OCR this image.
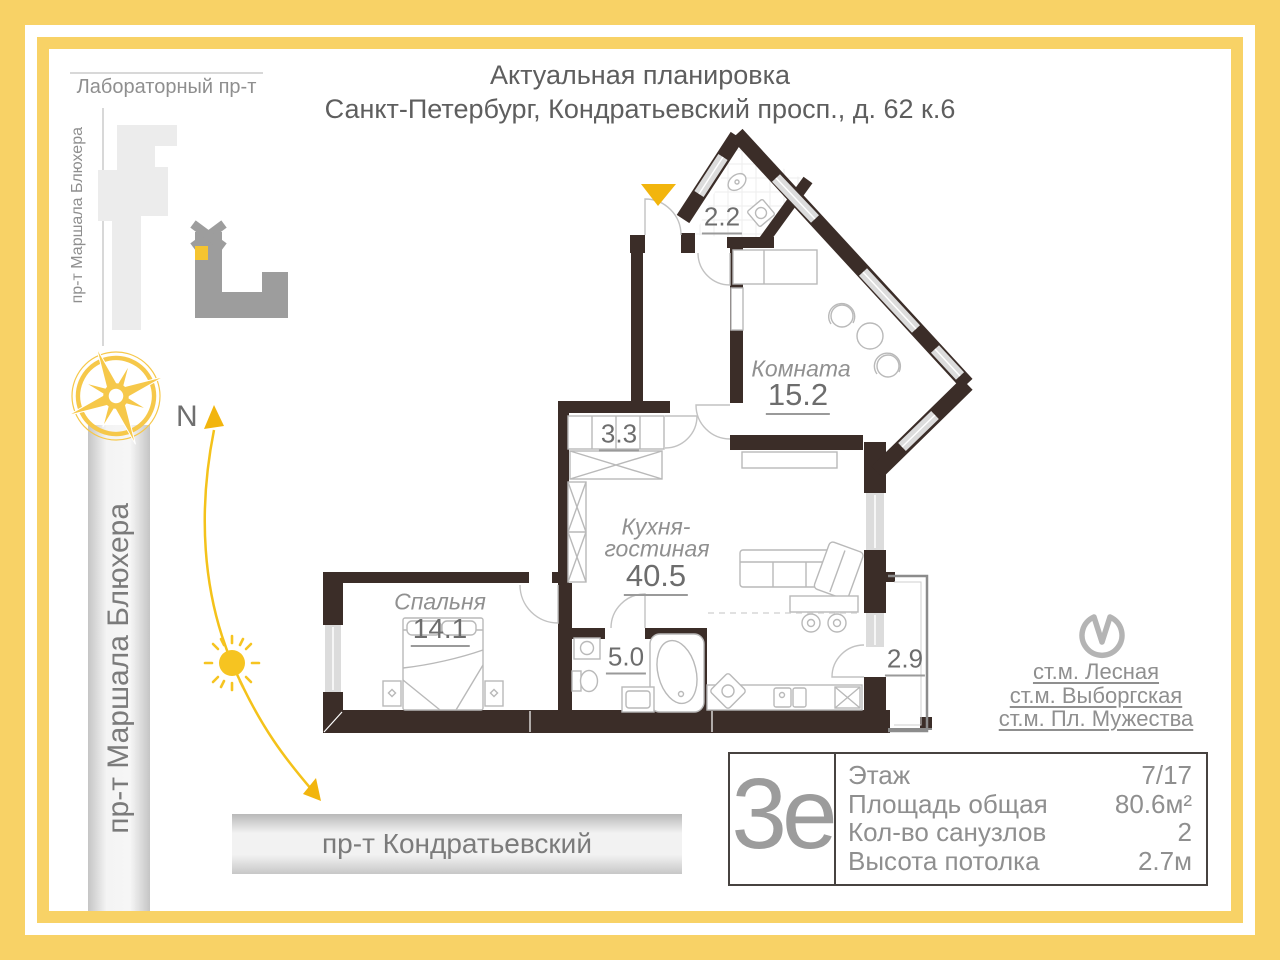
Лабораторный пр-т
пр-т Маршала Блюхера
пр-т Маршала Блюхера
пр-т Кондратьевский
N
Актуальная планировка
Санкт-Петербург, Кондратьевский просп., д. 62 к.6
2.2
Комната
15.2
3.3
Кухня-
гостиная
40.5
Спальня
14.1
5.0	2.9	ст.м. Лесная
ст.м. Выборгская
ст.м. Пл. Мужества
3е Этаж	7/17
Площадь общая	80.6м²
Кол-во санузлов	2
Высота потолка	2.7м
